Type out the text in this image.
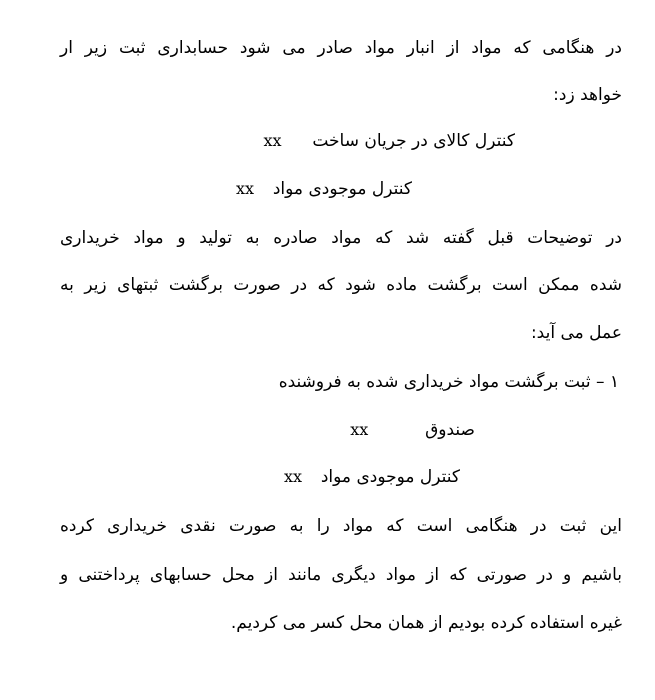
در هنگامی که مواد از انبار مواد صادر می شود حسابداری ثبت زیر ار
خواهد زد:
کنترل کالای در جریان ساخت  xx
کنترل موجودی مواد  xx
در توضیحات قبل گفته شد که مواد صادره به تولید و مواد خریداری
شده ممکن است برگشت ماده شود که در صورت برگشت ثبتهای زیر به
عمل می آید:
۱ – ثبت برگشت مواد خریداری شده به فروشنده
صندوق  xx
کنترل موجودی مواد  xx
این ثبت در هنگامی است که مواد را به صورت نقدی خریداری کرده
باشیم و در صورتی که از مواد دیگری مانند از محل حسابهای پرداختنی و
غیره استفاده کرده بودیم از همان محل کسر می کردیم.
